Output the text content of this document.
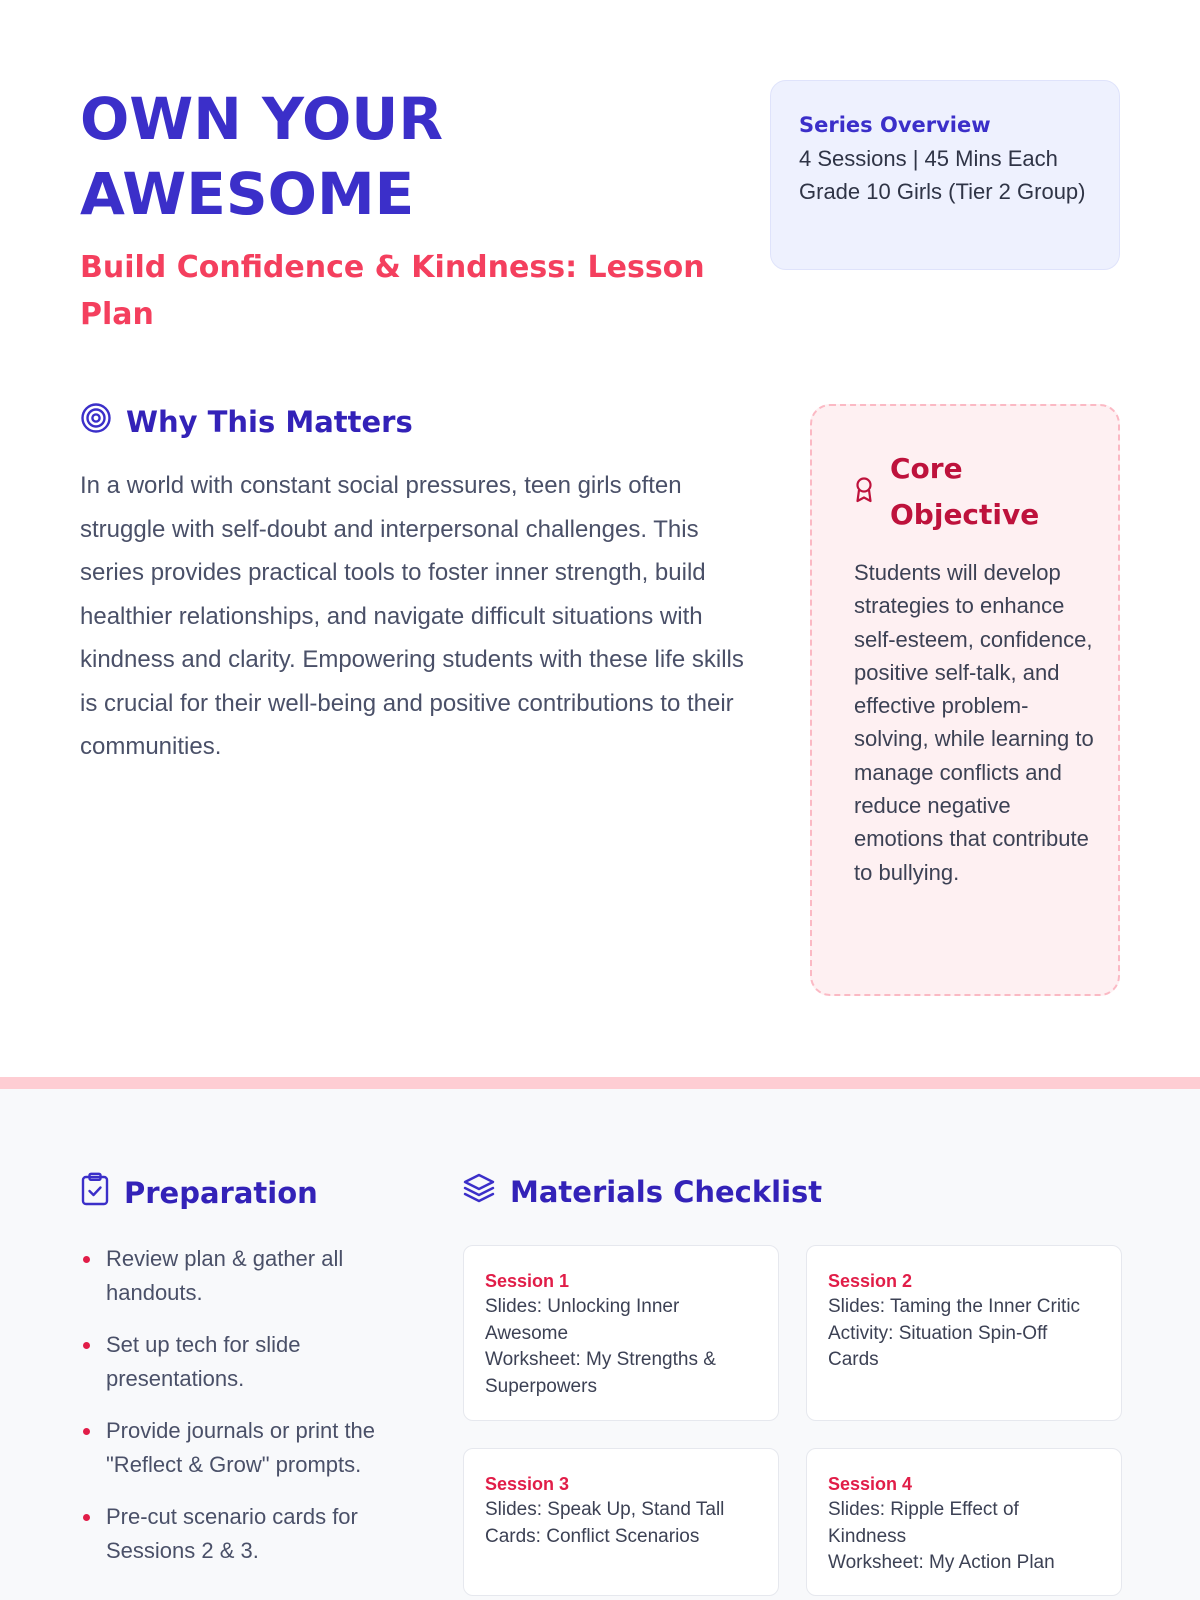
OWN YOUR
AWESOME
Build Confidence & Kindness: Lesson Plan
Series Overview
4 Sessions | 45 Mins Each
Grade 10 Girls (Tier 2 Group)
Why This Matters

In a world with constant social pressures, teen girls often struggle with self-doubt and interpersonal challenges. This series provides practical tools to foster inner strength, build healthier relationships, and navigate difficult situations with kindness and clarity. Empowering students with these life skills is crucial for their well-being and positive contributions to their communities.

Core Objective

Students will develop strategies to enhance self-esteem, confidence, positive self-talk, and effective problem-solving, while learning to manage conflicts and reduce negative emotions that contribute to bullying.

Preparation
Review plan & gather all handouts.
Set up tech for slide presentations.
Provide journals or print the "Reflect & Grow" prompts.
Pre-cut scenario cards for Sessions 2 & 3.
Materials Checklist
Session 1
Slides: Unlocking Inner Awesome
Worksheet: My Strengths & Superpowers
Session 2
Slides: Taming the Inner Critic
Activity: Situation Spin-Off Cards
Session 3
Slides: Speak Up, Stand Tall
Cards: Conflict Scenarios
Session 4
Slides: Ripple Effect of Kindness
Worksheet: My Action Plan
